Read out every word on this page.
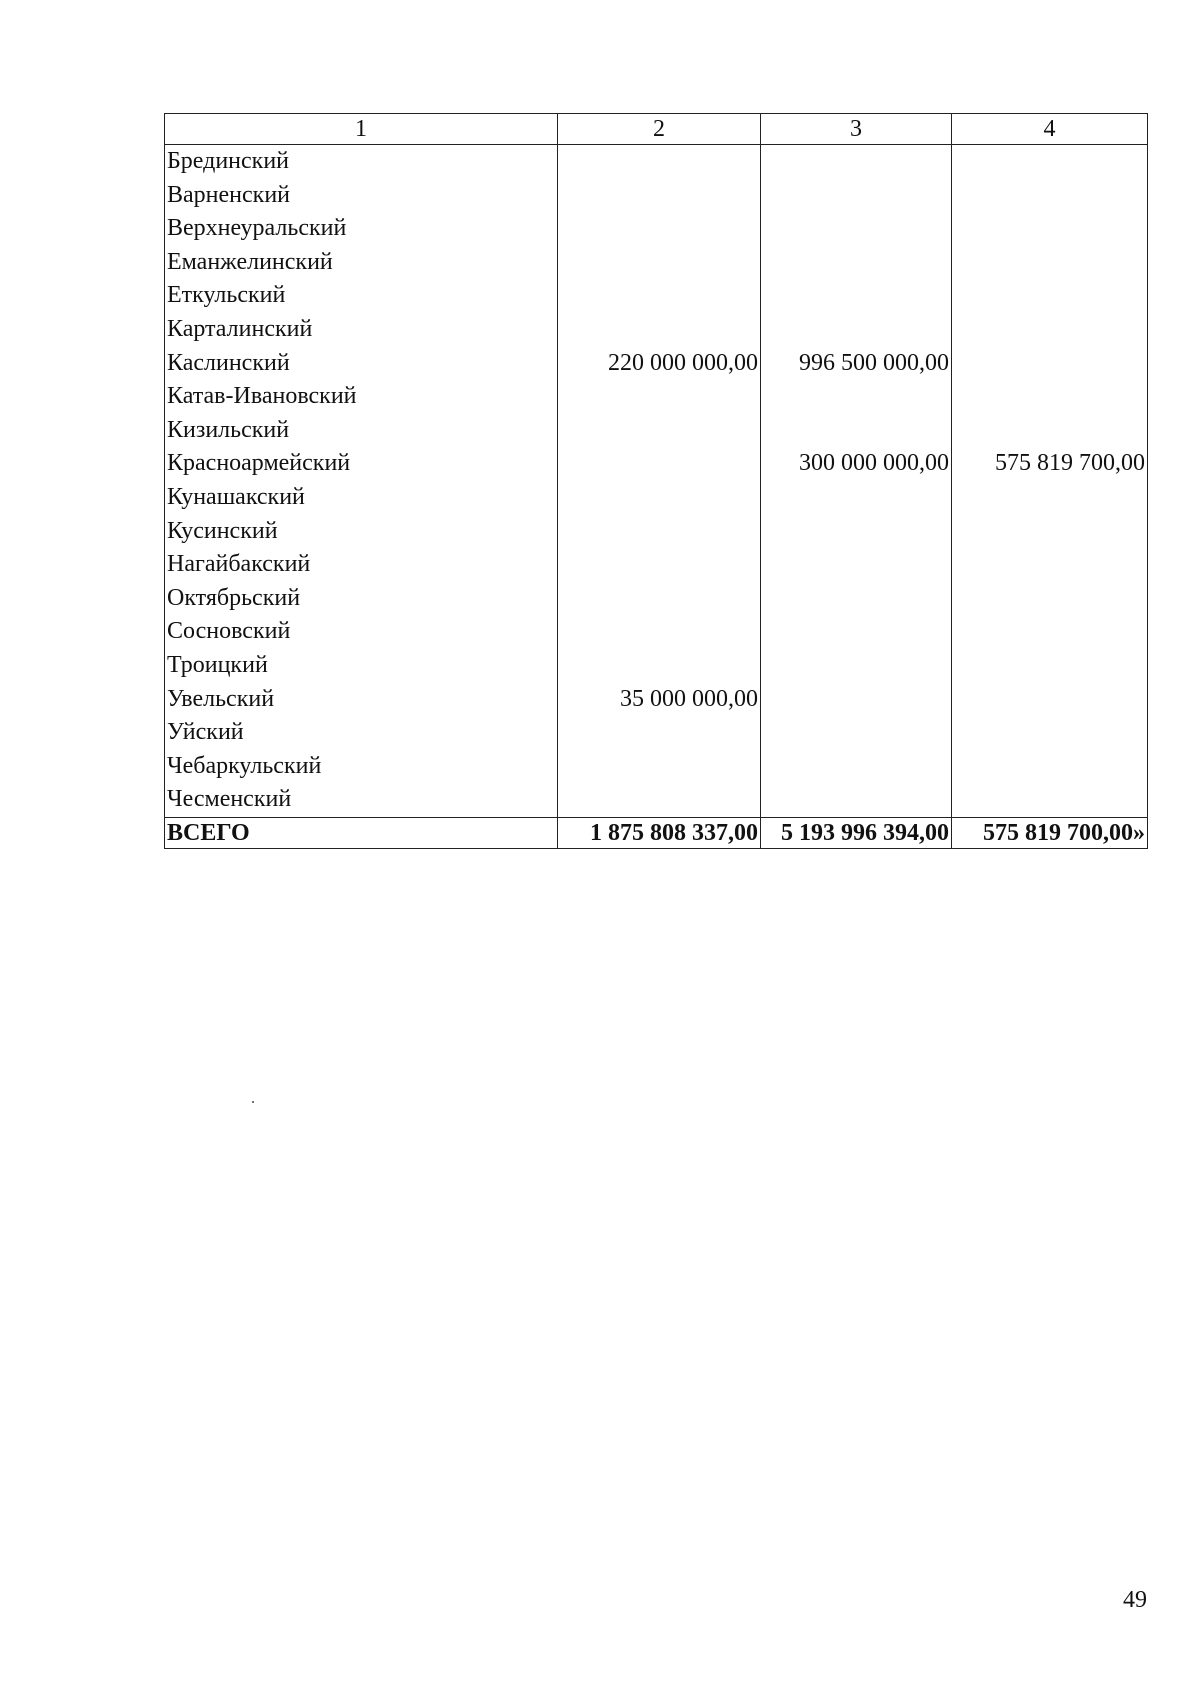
1	2	3	4
Брединский			
Варненский			
Верхнеуральский			
Еманжелинский			
Еткульский			
Карталинский			
Каслинский	220 000 000,00	996 500 000,00	
Катав-Ивановский			
Кизильский			
Красноармейский		300 000 000,00	575 819 700,00
Кунашакский			
Кусинский			
Нагайбакский			
Октябрьский			
Сосновский			
Троицкий			
Увельский	35 000 000,00		
Уйский			
Чебаркульский			
Чесменский			
ВСЕГО	1 875 808 337,00	5 193 996 394,00	575 819 700,00»
49
